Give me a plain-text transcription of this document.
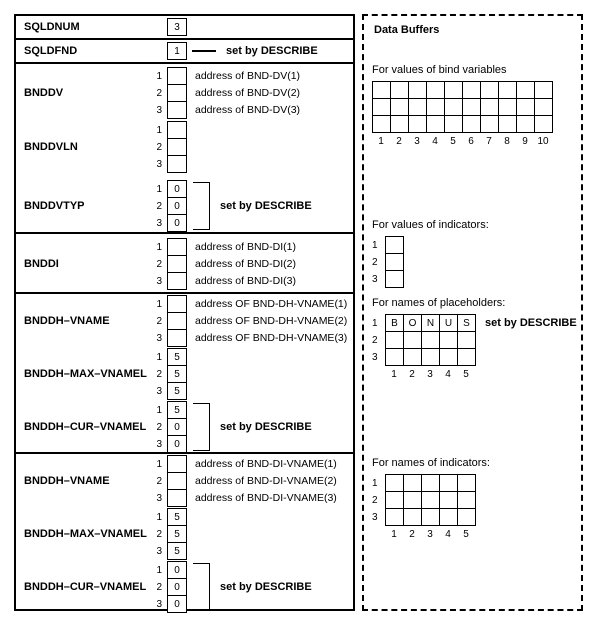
SQLDNUM	3
SQLDFND	1	set by DESCRIBE
BNDDV
1	address of BND-DV(1)
2	address of BND-DV(2)
3	address of BND-DV(3)
BNDDVLN
1
2
3
BNDDVTYP
1	0
2	0
3	0
set by DESCRIBE
BNDDI
1	address of BND-DI(1)
2	address of BND-DI(2)
3	address of BND-DI(3)
BNDDH–VNAME
1	address OF BND-DH-VNAME(1)
2	address OF BND-DH-VNAME(2)
3	address OF BND-DH-VNAME(3)
BNDDH–MAX–VNAMEL
1	5
2	5
3	5
BNDDH–CUR–VNAMEL
1	5
2	0
3	0
set by DESCRIBE
BNDDH–VNAME
1	address of BND-DI-VNAME(1)
2	address of BND-DI-VNAME(2)
3	address of BND-DI-VNAME(3)
BNDDH–MAX–VNAMEL
1	5
2	5
3	5
BNDDH–CUR–VNAMEL
1	0
2	0
3	0
set by DESCRIBE
Data Buffers
For values of bind variables
1	2	3	4	5	6	7	8	9 10
For values of indicators:
1
2
3
For names of placeholders:
1	B	O	N	U	S	set by DESCRIBE
2
3
1	2	3	4	5
For names of indicators:
1
2
3
1	2	3	4	5
